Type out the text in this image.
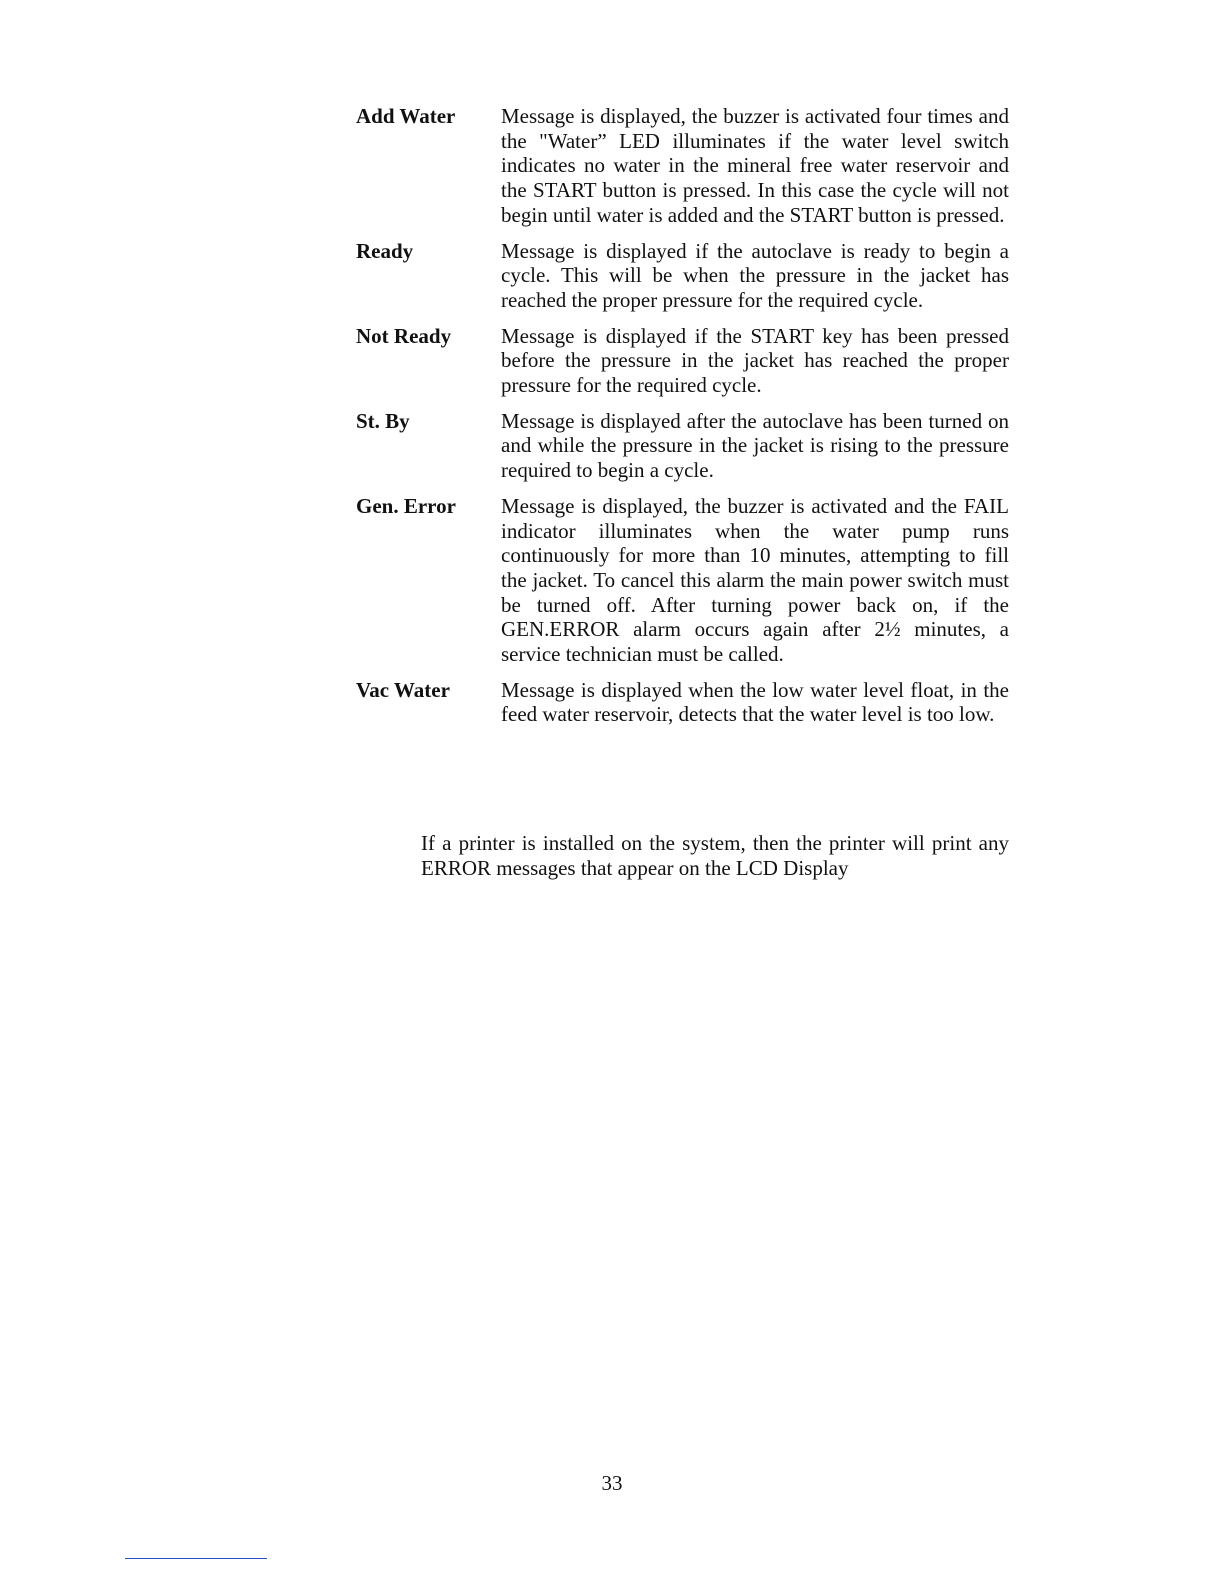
Add Water	Message is displayed, the buzzer is activated four times and the "Water” LED illuminates if the water level switch indicates no water in the mineral free water reservoir and the START button is pressed. In this case the cycle will not begin until water is added and the START button is pressed.
Ready	Message is displayed if the autoclave is ready to begin a cycle. This will be when the pressure in the jacket has reached the proper pressure for the required cycle.
Not Ready	Message is displayed if the START key has been pressed before the pressure in the jacket has reached the proper pressure for the required cycle.
St. By	Message is displayed after the autoclave has been turned on and while the pressure in the jacket is rising to the pressure required to begin a cycle.
Gen. Error	Message is displayed, the buzzer is activated and the FAIL indicator illuminates when the water pump runs continuously for more than 10 minutes, attempting to fill the jacket. To cancel this alarm the main power switch must be turned off. After turning power back on, if the GEN.ERROR alarm occurs again after 2½ minutes, a service technician must be called.
Vac Water	Message is displayed when the low water level float, in the feed water reservoir, detects that the water level is too low.

If a printer is installed on the system, then the printer will print any ERROR messages that appear on the LCD Display

33
